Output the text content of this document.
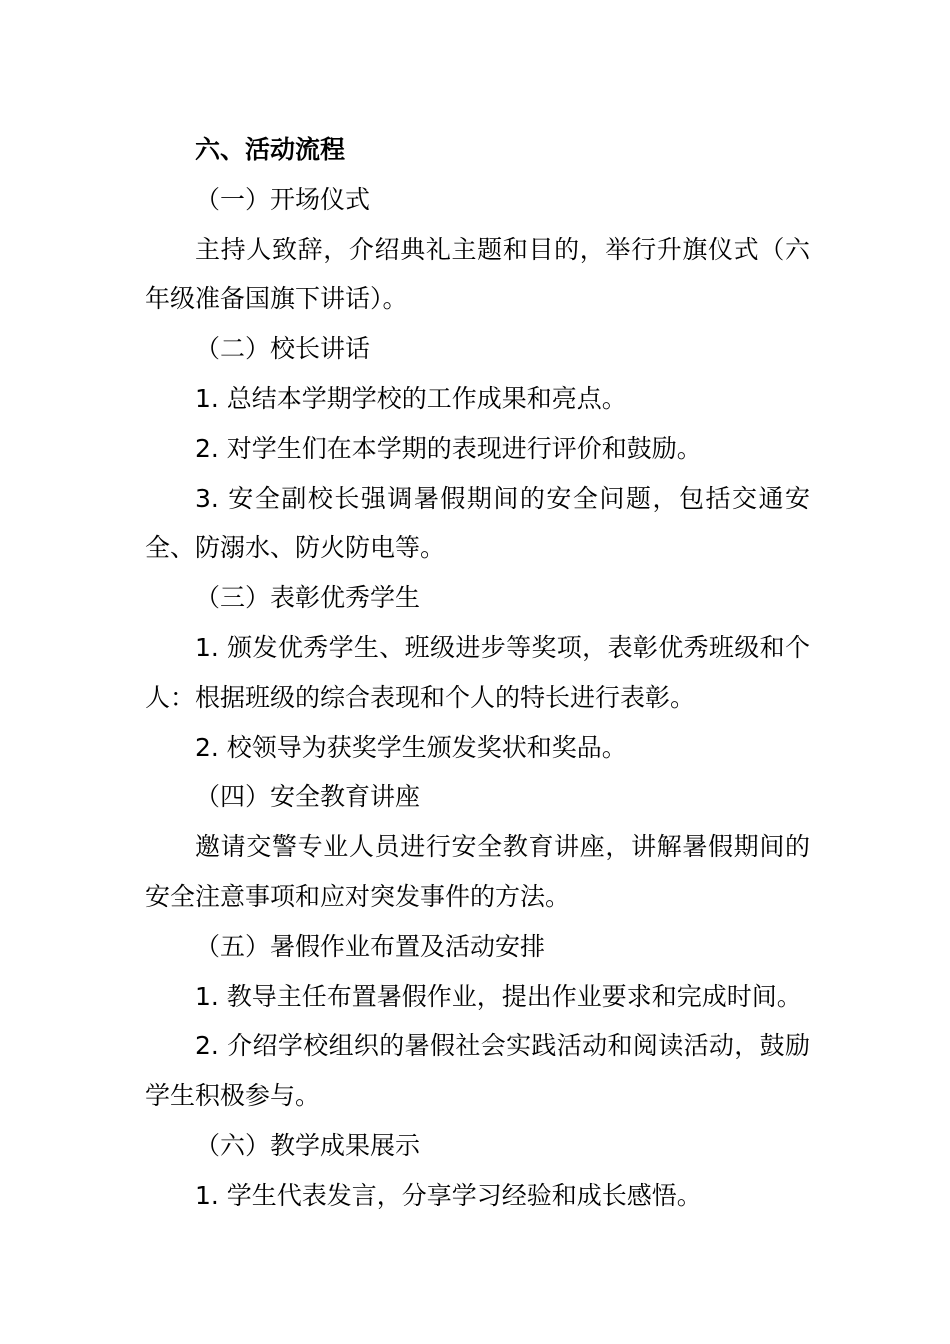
六、活动流程

（一）开场仪式

主持人致辞，介绍典礼主题和目的，举行升旗仪式（六年级准备国旗下讲话）。

（二）校长讲话

1. 总结本学期学校的工作成果和亮点。

2. 对学生们在本学期的表现进行评价和鼓励。

3. 安全副校长强调暑假期间的安全问题，包括交通安全、防溺水、防火防电等。

（三）表彰优秀学生

1. 颁发优秀学生、班级进步等奖项，表彰优秀班级和个人：根据班级的综合表现和个人的特长进行表彰。

2. 校领导为获奖学生颁发奖状和奖品。

（四）安全教育讲座

邀请交警专业人员进行安全教育讲座，讲解暑假期间的安全注意事项和应对突发事件的方法。

（五）暑假作业布置及活动安排

1. 教导主任布置暑假作业，提出作业要求和完成时间。

2. 介绍学校组织的暑假社会实践活动和阅读活动，鼓励学生积极参与。

（六）教学成果展示

1. 学生代表发言，分享学习经验和成长感悟。
